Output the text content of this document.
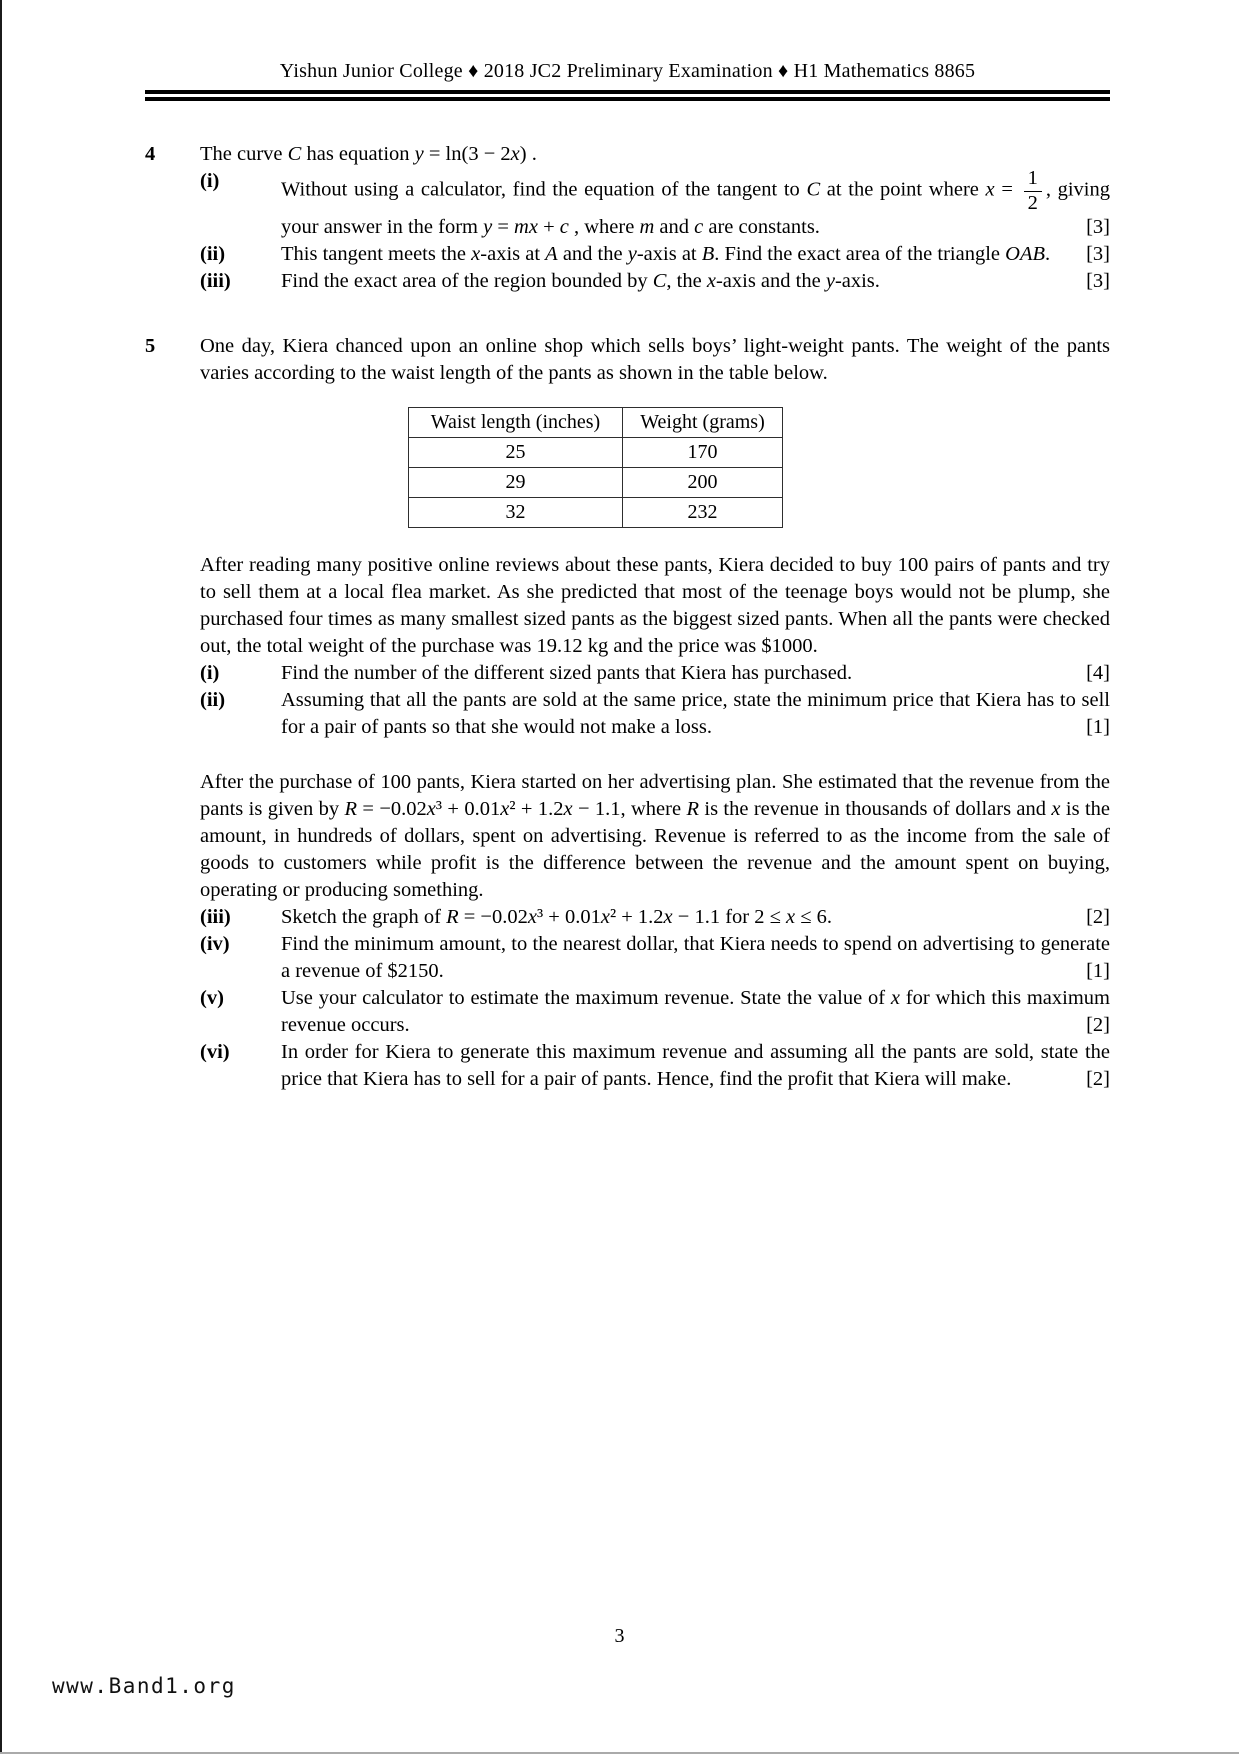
Yishun Junior College ♦ 2018 JC2 Preliminary Examination ♦ H1 Mathematics 8865
4 The curve C has equation y = ln(3 − 2x) .

(i)	Without using a calculator, find the equation of the tangent to C at the point where $x = \frac{1}{2}$ , giving your answer in the form y = mx + c , where m and c are constants.	[3]
(ii)	This tangent meets the x-axis at A and the y-axis at B. Find the exact area of the triangle OAB. [3]
(iii) Find the exact area of the region bounded by C, the x-axis and the y-axis.	[3]
5 One day, Kiera chanced upon an online shop which sells boys’ light-weight pants. The weight of the pants varies according to the waist length of the pants as shown in the table below.

Waist length (inches)	Weight (grams)
25	170
29	200
32	232

After reading many positive online reviews about these pants, Kiera decided to buy 100 pairs of pants and try to sell them at a local flea market. As she predicted that most of the teenage boys would not be plump, she purchased four times as many smallest sized pants as the biggest sized pants. When all the pants were checked out, the total weight of the purchase was 19.12 kg and the price was $1000.

(i)	Find the number of the different sized pants that Kiera has purchased.	[4]
(ii)	Assuming that all the pants are sold at the same price, state the minimum price that Kiera has to sell for a pair of pants so that she would not make a loss.	[1]

After the purchase of 100 pants, Kiera started on her advertising plan. She estimated that the revenue from the pants is given by R = −0.02x³ + 0.01x² + 1.2x − 1.1, where R is the revenue in thousands of dollars and x is the amount, in hundreds of dollars, spent on advertising. Revenue is referred to as the income from the sale of goods to customers while profit is the difference between the revenue and the amount spent on buying, operating or producing something.

(iii) Sketch the graph of R = −0.02x³ + 0.01x² + 1.2x − 1.1 for 2 ≤ x ≤ 6.	[2]
(iv)	Find the minimum amount, to the nearest dollar, that Kiera needs to spend on advertising to generate a revenue of $2150.	[1]
(v)	Use your calculator to estimate the maximum revenue. State the value of x for which this maximum revenue occurs.	[2]
(vi)	In order for Kiera to generate this maximum revenue and assuming all the pants are sold, state the price that Kiera has to sell for a pair of pants. Hence, find the profit that Kiera will make.	[2]
3
www.Band1.org
